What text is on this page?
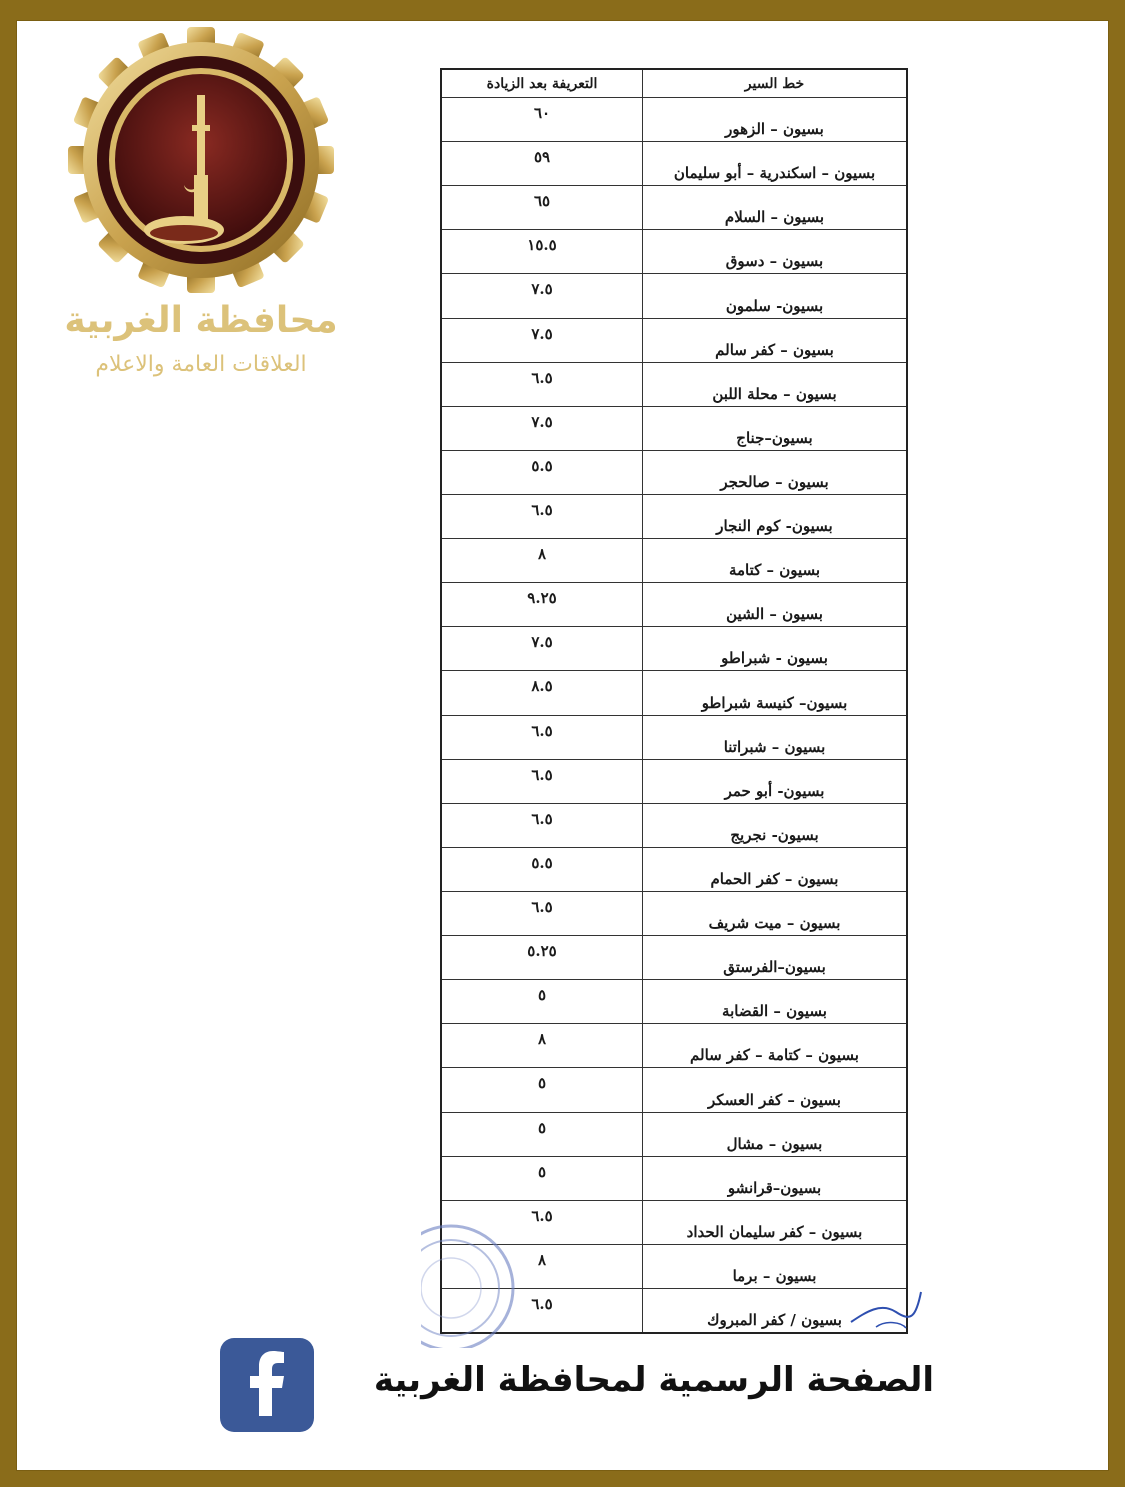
محافظة الغربية
العلاقات العامة والاعلام
خط السير
التعريفة بعد الزيادة
بسيون – الزهور
٦٠
بسيون – اسكندرية – أبو سليمان
٥٩
بسيون – السلام
٦٥
بسيون – دسوق
١٥.٥
بسيون- سلمون
٧.٥
بسيون – كفر سالم
٧.٥
بسيون – محلة اللبن
٦.٥
بسيون–جناج
٧.٥
بسيون – صالحجر
٥.٥
بسيون- كوم النجار
٦.٥
بسيون – كتامة
٨
بسيون – الشين
٩.٢٥
بسيون - شبراطو
٧.٥
بسيون– كنيسة شبراطو
٨.٥
بسيون – شبراتنا
٦.٥
بسيون- أبو حمر
٦.٥
بسيون- نجريج
٦.٥
بسيون – كفر الحمام
٥.٥
بسيون – ميت شريف
٦.٥
بسيون–الفرستق
٥.٢٥
بسيون – القضابة
٥
بسيون – كتامة – كفر سالم
٨
بسيون – كفر العسكر
٥
بسيون – مشال
٥
بسيون–قرانشو
٥
بسيون – كفر سليمان الحداد
٦.٥
بسيون – برما
٨
بسيون / كفر المبروك
٦.٥
الصفحة الرسمية لمحافظة الغربية
